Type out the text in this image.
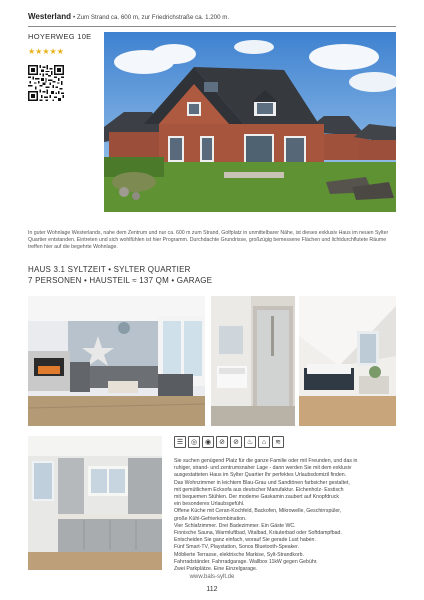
Westerland • Zum Strand ca. 600 m, zur Friedrichstraße ca. 1.200 m.
HOYERWEG 10E
★★★★★
In guter Wohnlage Westerlands, nahe dem Zentrum und nur ca. 600 m zum Strand, Golfplatz in unmittelbarer Nähe, ist dieses exklusiv Haus im neuen Sylter Quartier entstanden. Eintreten und sich wohlfühlen ist hier Programm. Durchdachte Grundrisse, großzügig bemessene Flächen und lichtdurchflutete Räume treffen hier auf die begehrte Wohnlage.
HAUS 3.1 SYLTZEIT • SYLTER QUARTIER
7 PERSONEN • HAUSTEIL ≈ 137 QM • GARAGE
☰	◎	◉	⊘	⊘	♨	⌂	≋

Sie suchen genügend Platz für die ganze Familie oder mit Freunden, und das in

ruhiger, strand- und zentrumsnaher Lage - dann werden Sie mit dem exklusiv

ausgestatteten Haus im Sylter Quartier Ihr perfektes Urlaubsdomizil finden.

Das Wohnzimmer in leichtem Blau-Grau und Sandtönen farbsicher gestaltet,

mit gemütlichem Ecksofa aus deutscher Manufaktur. Eichenholz- Esstisch

mit bequemen Stühlen. Der moderne Gaskamin zaubert auf Knopfdruck

ein besonderes Urlaubsgefühl.

Offene Küche mit Ceran-Kochfeld, Backofen, Mikrowelle, Geschirrspüler,

große Kühl-Gefrierkombination.

Vier Schlafzimmer. Drei Badezimmer. Ein Gäste WC.

Finnische Sauna, Warmluftbad, Vitalbad, Kräuterbad oder Softdampfbad.

Entscheiden Sie ganz einfach, worauf Sie gerade Lust haben.

Fünf Smart-TV, Playstation, Sonos Bluetooth-Speaker.

Möblierte Terrasse, elektrische Markise, Sylt-Strandkorb.

Fahrradständer. Fahrradgarage. Wallbox 11kW gegen Gebühr.

Zwei Parkplätze. Eine Einzelgarage.

www.bals-sylt.de
112
